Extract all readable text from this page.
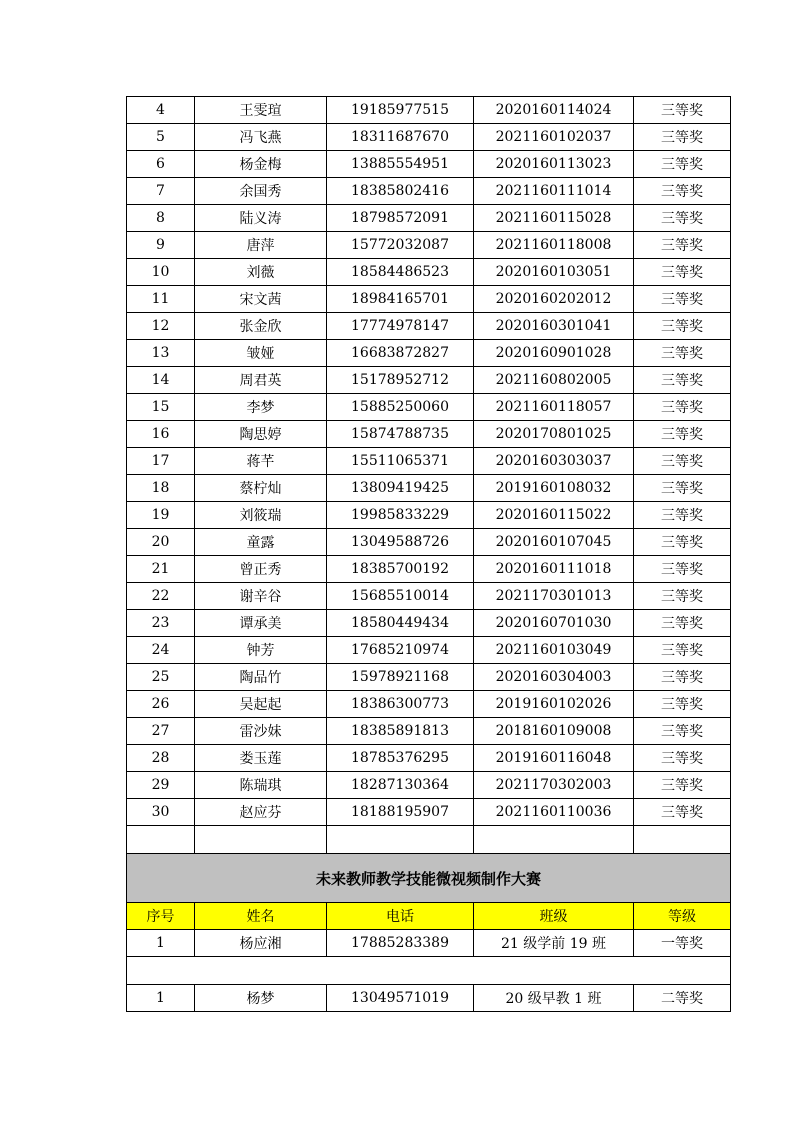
4	王雯瑄	19185977515	2020160114024	三等奖
5	冯飞燕	18311687670	2021160102037	三等奖
6	杨金梅	13885554951	2020160113023	三等奖
7	余国秀	18385802416	2021160111014	三等奖
8	陆义涛	18798572091	2021160115028	三等奖
9	唐萍	15772032087	2021160118008	三等奖
10	刘薇	18584486523	2020160103051	三等奖
11	宋文茜	18984165701	2020160202012	三等奖
12	张金欣	17774978147	2020160301041	三等奖
13	皱娅	16683872827	2020160901028	三等奖
14	周君英	15178952712	2021160802005	三等奖
15	李梦	15885250060	2021160118057	三等奖
16	陶思婷	15874788735	2020170801025	三等奖
17	蒋芊	15511065371	2020160303037	三等奖
18	蔡柠灿	13809419425	2019160108032	三等奖
19	刘筱瑞	19985833229	2020160115022	三等奖
20	童露	13049588726	2020160107045	三等奖
21	曾正秀	18385700192	2020160111018	三等奖
22	谢辛谷	15685510014	2021170301013	三等奖
23	谭承美	18580449434	2020160701030	三等奖
24	钟芳	17685210974	2021160103049	三等奖
25	陶品竹	15978921168	2020160304003	三等奖
26	吴起起	18386300773	2019160102026	三等奖
27	雷沙妹	18385891813	2018160109008	三等奖
28	娄玉莲	18785376295	2019160116048	三等奖
29	陈瑞琪	18287130364	2021170302003	三等奖
30	赵应芬	18188195907	2021160110036	三等奖

未来教师教学技能微视频制作大赛				
序号	姓名	电话	班级	等级
1	杨应湘	17885283389	21 级学前 19 班	一等奖

1	杨梦	13049571019	20 级早教 1 班	二等奖
